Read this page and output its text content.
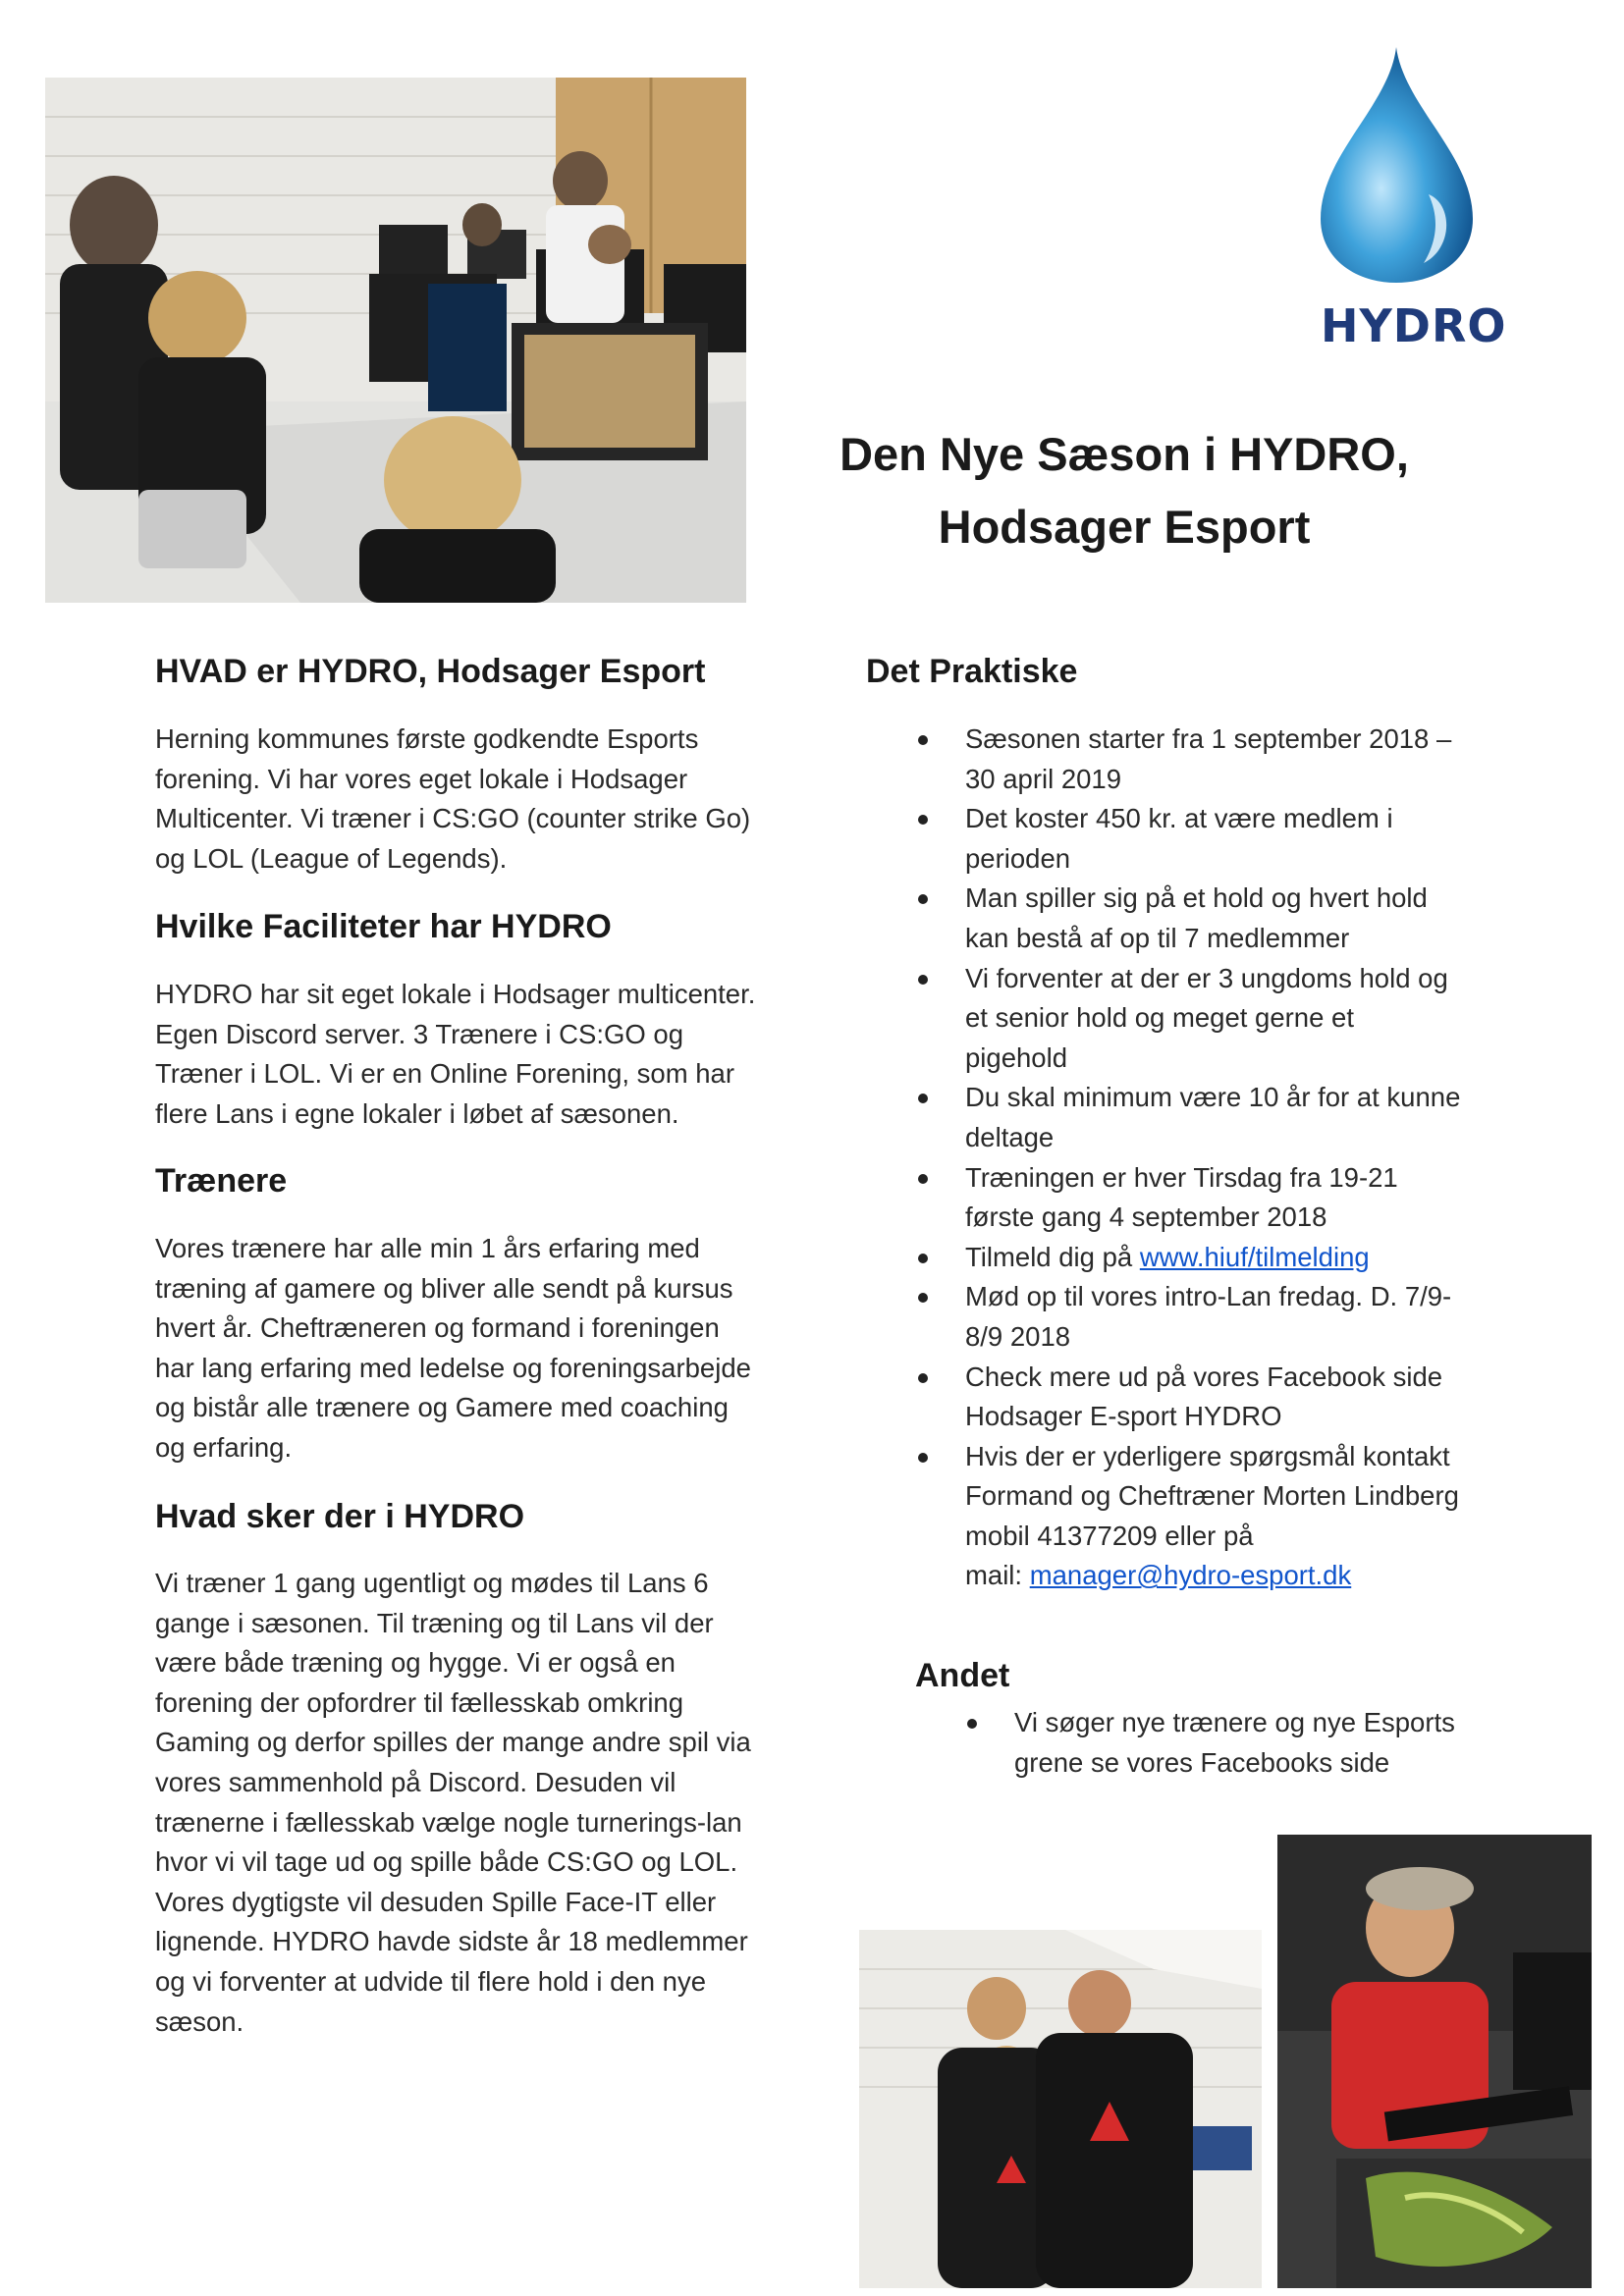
HYDRO
Den Nye Sæson i HYDRO,
Hodsager Esport
HVAD er HYDRO, Hodsager Esport
Herning kommunes første godkendte Esports
forening. Vi har vores eget lokale i Hodsager
Multicenter. Vi træner i CS:GO (counter strike Go)
og LOL (League of Legends).
Hvilke Faciliteter har HYDRO
HYDRO har sit eget lokale i Hodsager multicenter.
Egen Discord server. 3 Trænere i CS:GO og
Træner i LOL. Vi er en Online Forening, som har
flere Lans i egne lokaler i løbet af sæsonen.
Trænere
Vores trænere har alle min 1 års erfaring med
træning af gamere og bliver alle sendt på kursus
hvert år. Cheftræneren og formand i foreningen
har lang erfaring med ledelse og foreningsarbejde
og bistår alle trænere og Gamere med coaching
og erfaring.
Hvad sker der i HYDRO
Vi træner 1 gang ugentligt og mødes til Lans 6
gange i sæsonen. Til træning og til Lans vil der
være både træning og hygge. Vi er også en
forening der opfordrer til fællesskab omkring
Gaming og derfor spilles der mange andre spil via
vores sammenhold på Discord. Desuden vil
trænerne i fællesskab vælge nogle turnerings-lan
hvor vi vil tage ud og spille både CS:GO og LOL.
Vores dygtigste vil desuden Spille Face-IT eller
lignende. HYDRO havde sidste år 18 medlemmer
og vi forventer at udvide til flere hold i den nye
sæson.
Det Praktiske
Sæsonen starter fra 1 september 2018 –
30 april 2019
Det koster 450 kr. at være medlem i
perioden
Man spiller sig på et hold og hvert hold
kan bestå af op til 7 medlemmer
Vi forventer at der er 3 ungdoms hold og
et senior hold og meget gerne et
pigehold
Du skal minimum være 10 år for at kunne
deltage
Træningen er hver Tirsdag fra 19-21
første gang 4 september 2018
Tilmeld dig på www.hiuf/tilmelding
Mød op til vores intro-Lan fredag. D. 7/9-
8/9 2018
Check mere ud på vores Facebook side
Hodsager E-sport HYDRO
Hvis der er yderligere spørgsmål kontakt
Formand og Cheftræner Morten Lindberg
mobil 41377209 eller på
mail: manager@hydro-esport.dk
Andet
Vi søger nye trænere og nye Esports
grene se vores Facebooks side
